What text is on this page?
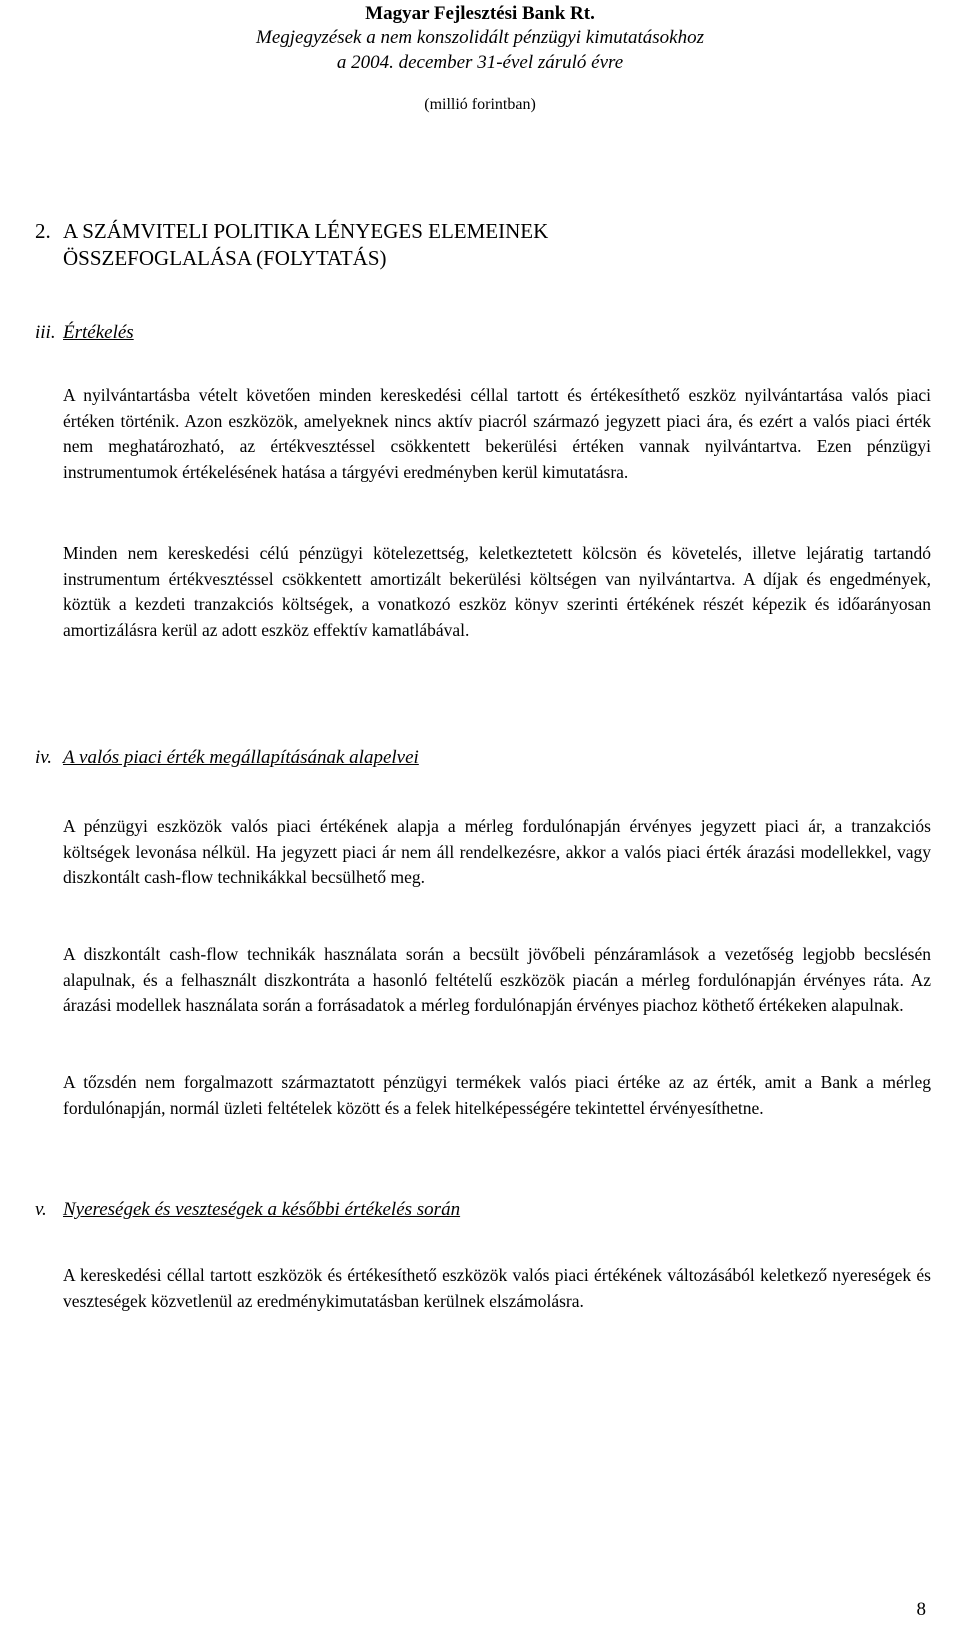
Magyar Fejlesztési Bank Rt.
Megjegyzések a nem konszolidált pénzügyi kimutatásokhoz
a 2004. december 31-ével záruló évre
(millió forintban)
2. A SZÁMVITELI POLITIKA LÉNYEGES ELEMEINEK
ÖSSZEFOGLALÁSA (FOLYTATÁS)
iii. Értékelés

A nyilvántartásba vételt követően minden kereskedési céllal tartott és értékesíthető eszköz nyilvántartása valós piaci értéken történik. Azon eszközök, amelyeknek nincs aktív piacról származó jegyzett piaci ára, és ezért a valós piaci érték nem meghatározható, az értékvesztéssel csökkentett bekerülési értéken vannak nyilvántartva. Ezen pénzügyi instrumentumok értékelésének hatása a tárgyévi eredményben kerül kimutatásra.

Minden nem kereskedési célú pénzügyi kötelezettség, keletkeztetett kölcsön és követelés, illetve lejáratig tartandó instrumentum értékvesztéssel csökkentett amortizált bekerülési költségen van nyilvántartva. A díjak és engedmények, köztük a kezdeti tranzakciós költségek, a vonatkozó eszköz könyv szerinti értékének részét képezik és időarányosan amortizálásra kerül az adott eszköz effektív kamatlábával.

iv. A valós piaci érték megállapításának alapelvei

A pénzügyi eszközök valós piaci értékének alapja a mérleg fordulónapján érvényes jegyzett piaci ár, a tranzakciós költségek levonása nélkül. Ha jegyzett piaci ár nem áll rendelkezésre, akkor a valós piaci érték árazási modellekkel, vagy diszkontált cash-flow technikákkal becsülhető meg.

A diszkontált cash-flow technikák használata során a becsült jövőbeli pénzáramlások a vezetőség legjobb becslésén alapulnak, és a felhasznált diszkontráta a hasonló feltételű eszközök piacán a mérleg fordulónapján érvényes ráta. Az árazási modellek használata során a forrásadatok a mérleg fordulónapján érvényes piachoz köthető értékeken alapulnak.

A tőzsdén nem forgalmazott származtatott pénzügyi termékek valós piaci értéke az az érték, amit a Bank a mérleg fordulónapján, normál üzleti feltételek között és a felek hitelképességére tekintettel érvényesíthetne.

v. Nyereségek és veszteségek a későbbi értékelés során

A kereskedési céllal tartott eszközök és értékesíthető eszközök valós piaci értékének változásából keletkező nyereségek és veszteségek közvetlenül az eredménykimutatásban kerülnek elszámolásra.

8
